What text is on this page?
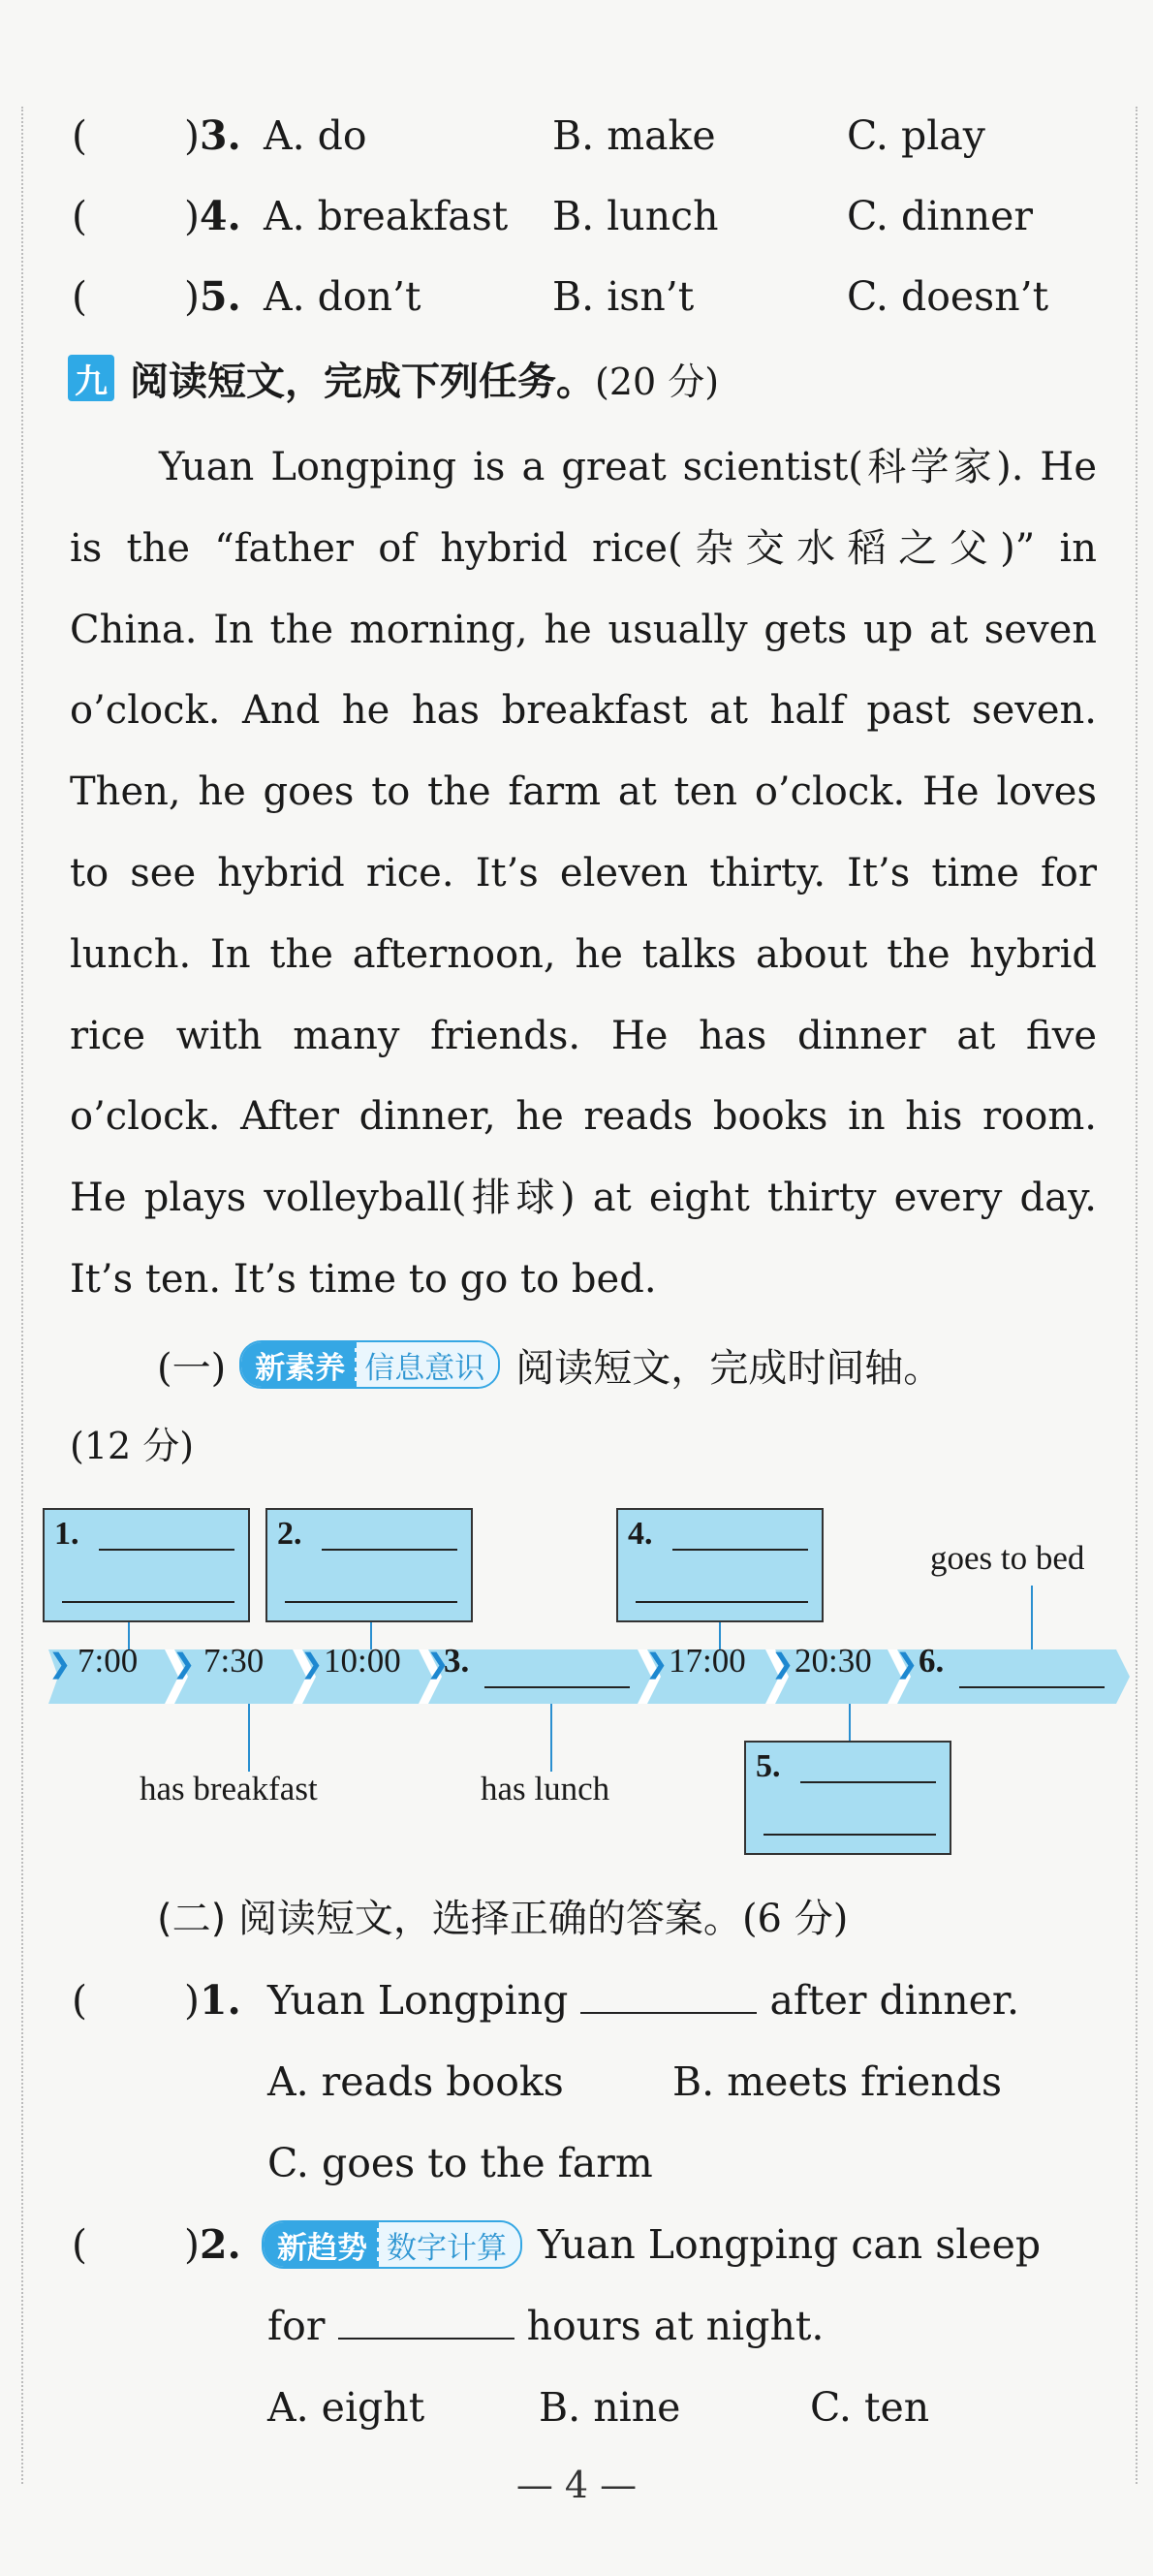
( )3. A. do	B. make	C. play
( )4. A. breakfast B. lunch	C. dinner
( )5. A. don’t	B. isn’t	C. doesn’t
九 阅读短文，完成下列任务。 (20 分)
Yuan Longping is a great scientist(科学家). He
is the “father of hybrid rice(杂交水稻之父)” in
China. In the morning, he usually gets up at seven
o’clock. And he has breakfast at half past seven.
Then, he goes to the farm at ten o’clock. He loves
to see hybrid rice. It’s eleven thirty. It’s time for
lunch. In the afternoon, he talks about the hybrid
rice with many friends. He has dinner at five
o’clock. After dinner, he reads books in his room.
He plays volleyball(排球) at eight thirty every day.
It’s ten. It’s time to go to bed.
(一) 新素养 信息意识 阅读短文，完成时间轴。
(12 分)
❯ 7:00 ❯ 7:30 ❯ 10:00 ❯
3.	❯ 17:00 ❯ 20:30 ❯ 6.
1.	2.	4.
5.
goes to bed
has breakfast	has lunch
(二) 阅读短文，选择正确的答案。(6 分)
( )1. Yuan Longping	after dinner.
A. reads books	B. meets friends
C. goes to the farm
( )2.	新趋势 数字计算 Yuan Longping can sleep
for	hours at night.
A. eight	B. nine	C. ten
— 4 —
